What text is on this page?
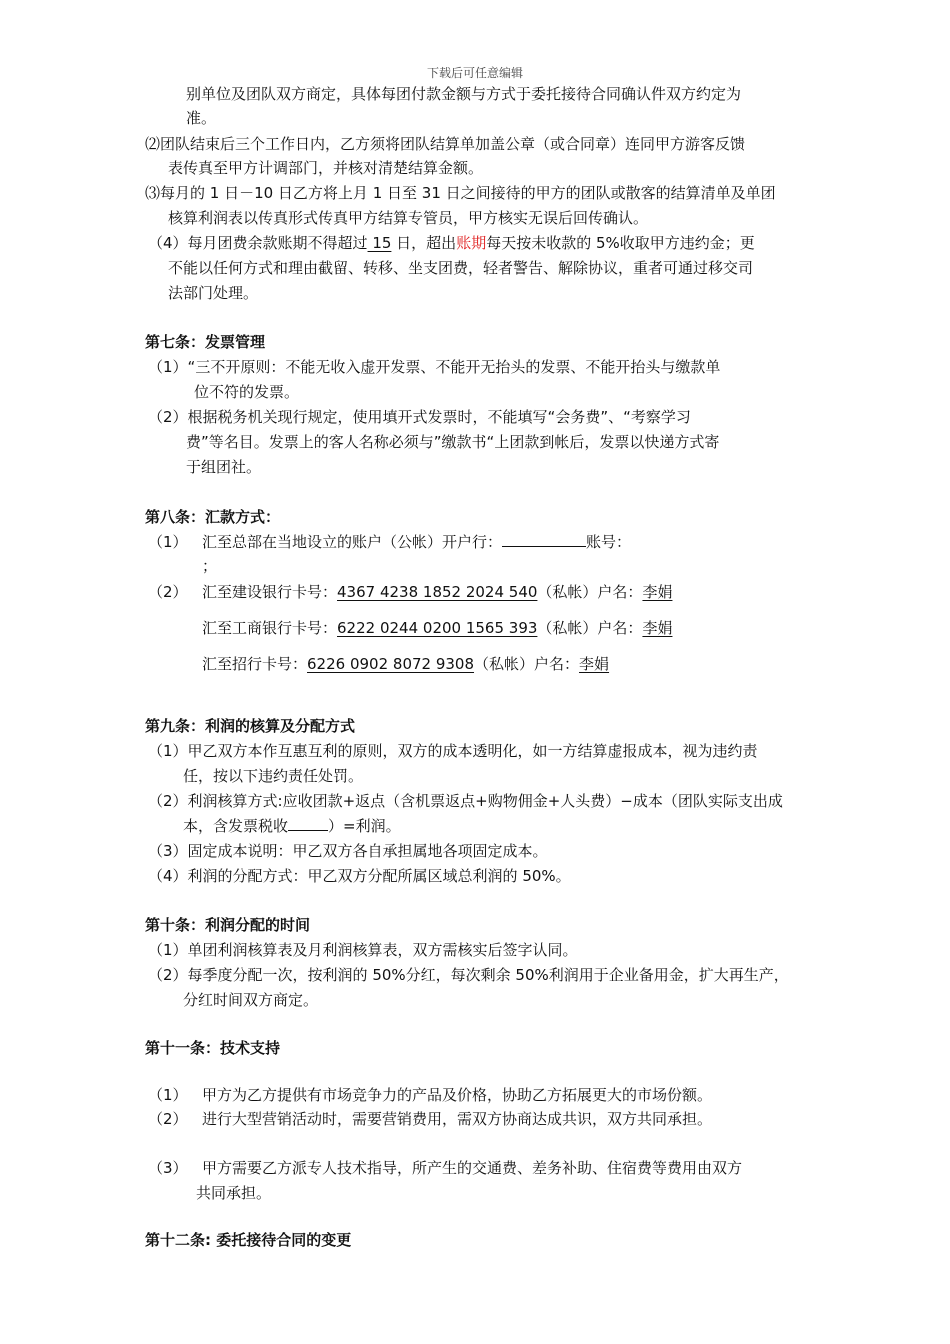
下载后可任意编辑
别单位及团队双方商定，具体每团付款金额与方式于委托接待合同确认件双方约定为
准。
⑵团队结束后三个工作日内，乙方须将团队结算单加盖公章（或合同章）连同甲方游客反馈
表传真至甲方计调部门，并核对清楚结算金额。
⑶每月的 1 日－10 日乙方将上月 1 日至 31 日之间接待的甲方的团队或散客的结算清单及单团
核算利润表以传真形式传真甲方结算专管员，甲方核实无误后回传确认。
（4）每月团费余款账期不得超过 15 日，超出账期每天按未收款的 5%收取甲方违约金；更
不能以任何方式和理由截留、转移、坐支团费，轻者警告、解除协议，重者可通过移交司
法部门处理。
第七条：发票管理
（1）“三不开原则：不能无收入虚开发票、不能开无抬头的发票、不能开抬头与缴款单
位不符的发票。
（2）根据税务机关现行规定，使用填开式发票时，不能填写“会务费”、“考察学习
费”等名目。发票上的客人名称必须与”缴款书“上团款到帐后，发票以快递方式寄
于组团社。
第八条：汇款方式：
（1） 汇至总部在当地设立的账户（公帐）开户行：	账号：
；
（2） 汇至建设银行卡号：4367 4238 1852 2024 540（私帐）户名：李娟
汇至工商银行卡号：6222 0244 0200 1565 393（私帐）户名：李娟
汇至招行卡号：6226 0902 8072 9308（私帐）户名：李娟
第九条：利润的核算及分配方式
（1）甲乙双方本作互惠互利的原则，双方的成本透明化，如一方结算虚报成本，视为违约责
任，按以下违约责任处罚。
（2）利润核算方式:应收团款+返点（含机票返点+购物佣金+人头费）−成本（团队实际支出成
本，含发票税收	）=利润。
（3）固定成本说明：甲乙双方各自承担属地各项固定成本。
（4）利润的分配方式：甲乙双方分配所属区域总利润的 50%。
第十条：利润分配的时间
（1）单团利润核算表及月利润核算表，双方需核实后签字认同。
（2）每季度分配一次，按利润的 50%分红，每次剩余 50%利润用于企业备用金，扩大再生产，
分红时间双方商定。
第十一条：技术支持
（1） 甲方为乙方提供有市场竞争力的产品及价格，协助乙方拓展更大的市场份额。
（2） 进行大型营销活动时，需要营销费用，需双方协商达成共识，双方共同承担。
（3） 甲方需要乙方派专人技术指导，所产生的交通费、差务补助、住宿费等费用由双方
共同承担。
第十二条: 委托接待合同的变更
